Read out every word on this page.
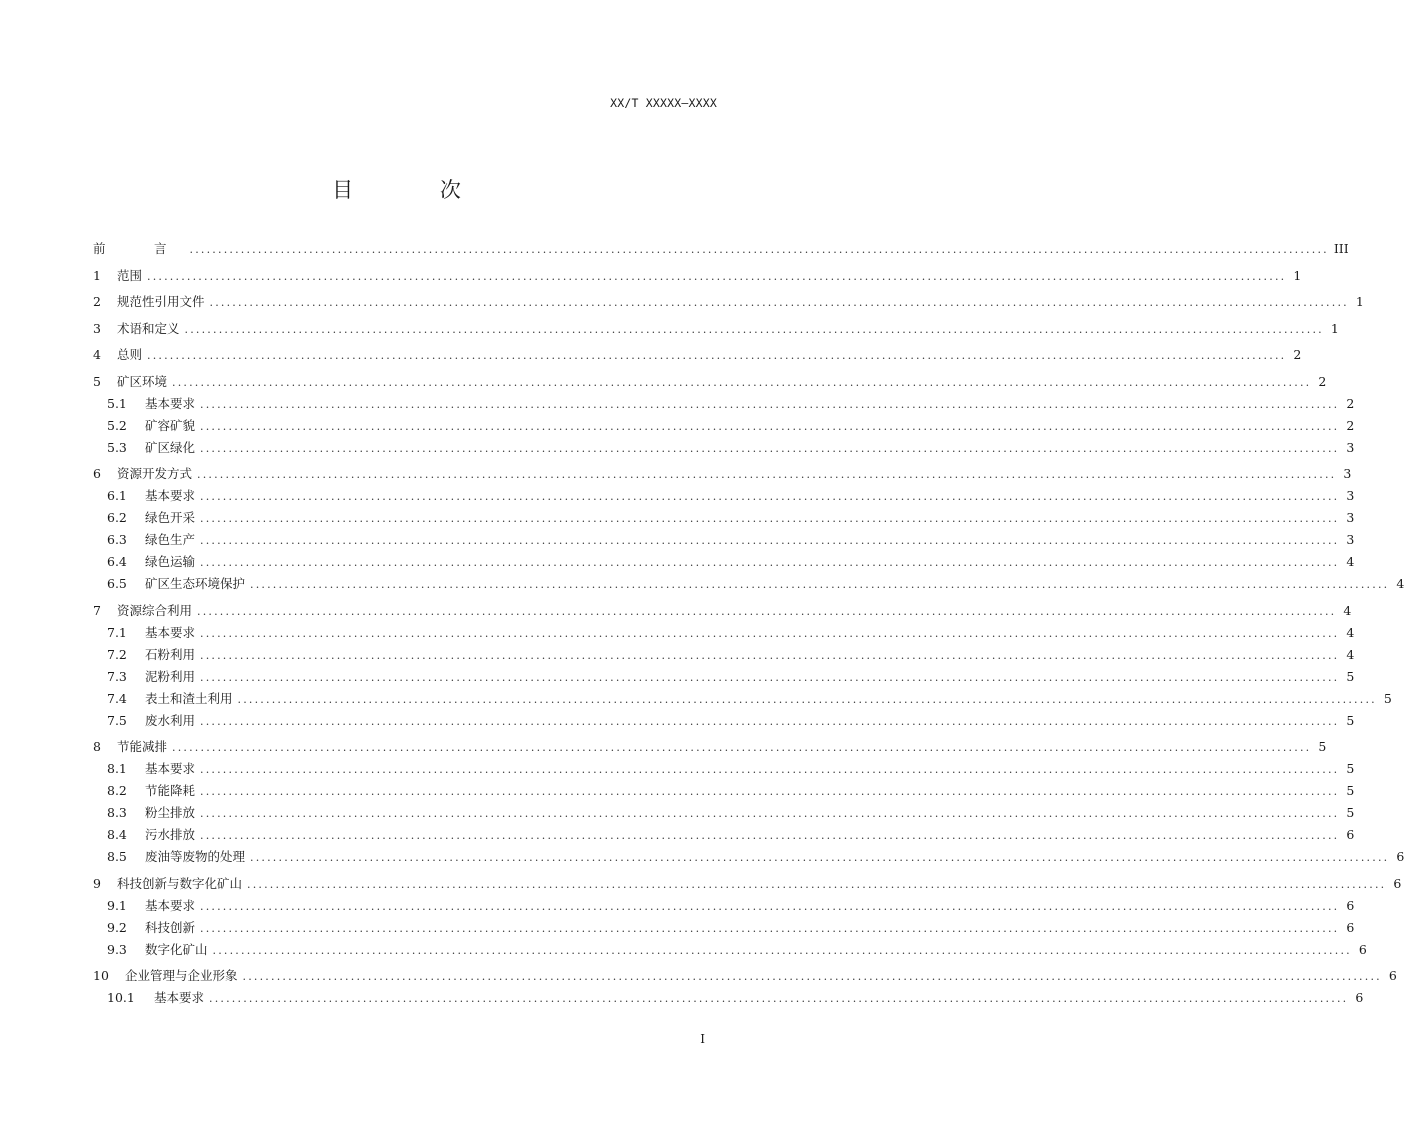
XX/T XXXXX—XXXX
目 次
前　言 ........................................................................................................................................................................................................ III
1	范围 ........................................................................................................................................................................................................ 1
2	规范性引用文件 ........................................................................................................................................................................................................ 1
3	术语和定义 ........................................................................................................................................................................................................ 1
4	总则 ........................................................................................................................................................................................................ 2
5	矿区环境 ........................................................................................................................................................................................................ 2
5.1	基本要求 ........................................................................................................................................................................................................ 2
5.2	矿容矿貌 ........................................................................................................................................................................................................ 2
5.3	矿区绿化 ........................................................................................................................................................................................................ 3
6	资源开发方式 ........................................................................................................................................................................................................ 3
6.1	基本要求 ........................................................................................................................................................................................................ 3
6.2	绿色开采 ........................................................................................................................................................................................................ 3
6.3	绿色生产 ........................................................................................................................................................................................................ 3
6.4	绿色运输 ........................................................................................................................................................................................................ 4
6.5	矿区生态环境保护 ........................................................................................................................................................................................................ 4
7	资源综合利用 ........................................................................................................................................................................................................ 4
7.1	基本要求 ........................................................................................................................................................................................................ 4
7.2	石粉利用 ........................................................................................................................................................................................................ 4
7.3	泥粉利用 ........................................................................................................................................................................................................ 5
7.4	表土和渣土利用 ........................................................................................................................................................................................................ 5
7.5	废水利用 ........................................................................................................................................................................................................ 5
8	节能减排 ........................................................................................................................................................................................................ 5
8.1	基本要求 ........................................................................................................................................................................................................ 5
8.2	节能降耗 ........................................................................................................................................................................................................ 5
8.3	粉尘排放 ........................................................................................................................................................................................................ 5
8.4	污水排放 ........................................................................................................................................................................................................ 6
8.5	废油等废物的处理 ........................................................................................................................................................................................................ 6
9	科技创新与数字化矿山 ........................................................................................................................................................................................................ 6
9.1	基本要求 ........................................................................................................................................................................................................ 6
9.2	科技创新 ........................................................................................................................................................................................................ 6
9.3	数字化矿山 ........................................................................................................................................................................................................ 6
10	企业管理与企业形象 ........................................................................................................................................................................................................ 6
10.1	基本要求 ........................................................................................................................................................................................................ 6
I
